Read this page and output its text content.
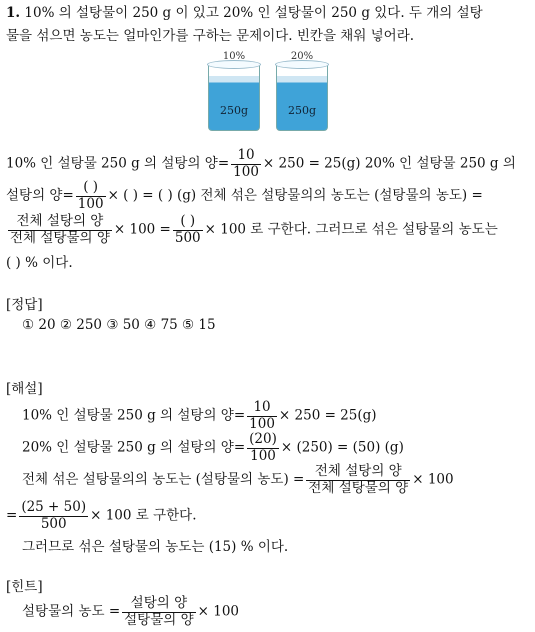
1. 10% 의 설탕물이 250 g 이 있고 20% 인 설탕물이 250 g 있다. 두 개의 설탕
물을 섞으면 농도는 얼마인가를 구하는 문제이다. 빈칸을 채워 넣어라.
10%
250g
20%
250g
10% 인 설탕물 250 g 의 설탕의 양= $\frac{10}{100} \times 250 = 25(g)$ 20% 인 설탕물 250 g 의
설탕의 양= $\frac{( )}{100}$ × ( ) = ( ) (g) 전체 섞은 설탕물의의 농도는 (설탕물의 농도) =
$\frac{\text{전체 설탕의 양}}{\text{전체 설탕물의 양}} \times 100 = \frac{( )}{500} \times 100$ 로 구한다. 그러므로 섞은 설탕물의 농도는
( ) % 이다.
[정답]
① 20 ② 250 ③ 50 ④ 75 ⑤ 15
[해설]
10% 인 설탕물 250 g 의 설탕의 양= $\frac{10}{100} \times 250 = 25(g)$
20% 인 설탕물 250 g 의 설탕의 양= $\frac{(20)}{100} \times (250) = (50)$ (g)
전체 섞은 설탕물의의 농도는 (설탕물의 농도) = $\frac{\text{전체 설탕의 양}}{\text{전체 설탕물의 양}} \times 100$
= $\frac{(25 + 50)}{500} \times 100$ 로 구한다.
그러므로 섞은 설탕물의 농도는 (15) % 이다.
[힌트]
설탕물의 농도 = $\frac{\text{설탕의 양}}{\text{설탕물의 양}} \times 100$
